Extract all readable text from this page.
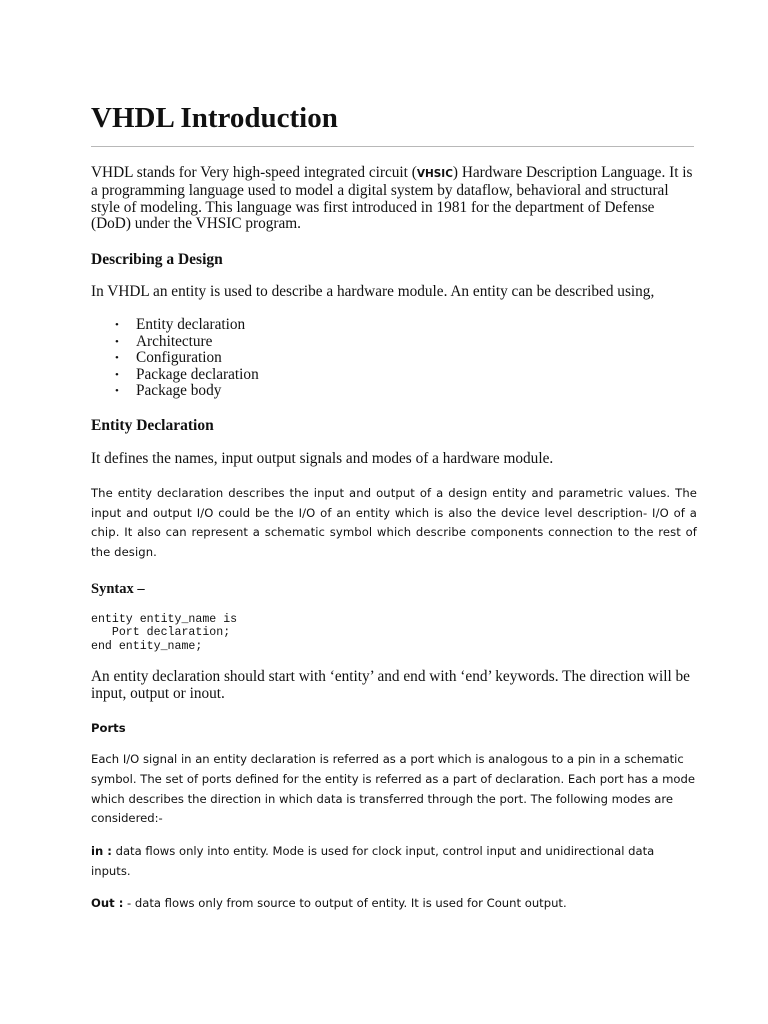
VHDL Introduction

VHDL stands for Very high-speed integrated circuit (VHSIC) Hardware Description Language. It is a programming language used to model a digital system by dataflow, behavioral and structural style of modeling. This language was first introduced in 1981 for the department of Defense (DoD) under the VHSIC program.

Describing a Design

In VHDL an entity is used to describe a hardware module. An entity can be described using,

• Entity declaration
• Architecture
• Configuration
• Package declaration
• Package body
Entity Declaration

It defines the names, input output signals and modes of a hardware module.

The entity declaration describes the input and output of a design entity and parametric values. The input and output I/O could be the I/O of an entity which is also the device level description- I/O of a chip. It also can represent a schematic symbol which describe components connection to the rest of the design.

Syntax –
entity entity_name is
Port declaration;
end entity_name;

An entity declaration should start with ‘entity’ and end with ‘end’ keywords. The direction will be input, output or inout.

Ports

Each I/O signal in an entity declaration is referred as a port which is analogous to a pin in a schematic symbol. The set of ports defined for the entity is referred as a part of declaration. Each port has a mode which describes the direction in which data is transferred through the port. The following modes are considered:-

in : data flows only into entity. Mode is used for clock input, control input and unidirectional data inputs.

Out : - data flows only from source to output of entity. It is used for Count output.
